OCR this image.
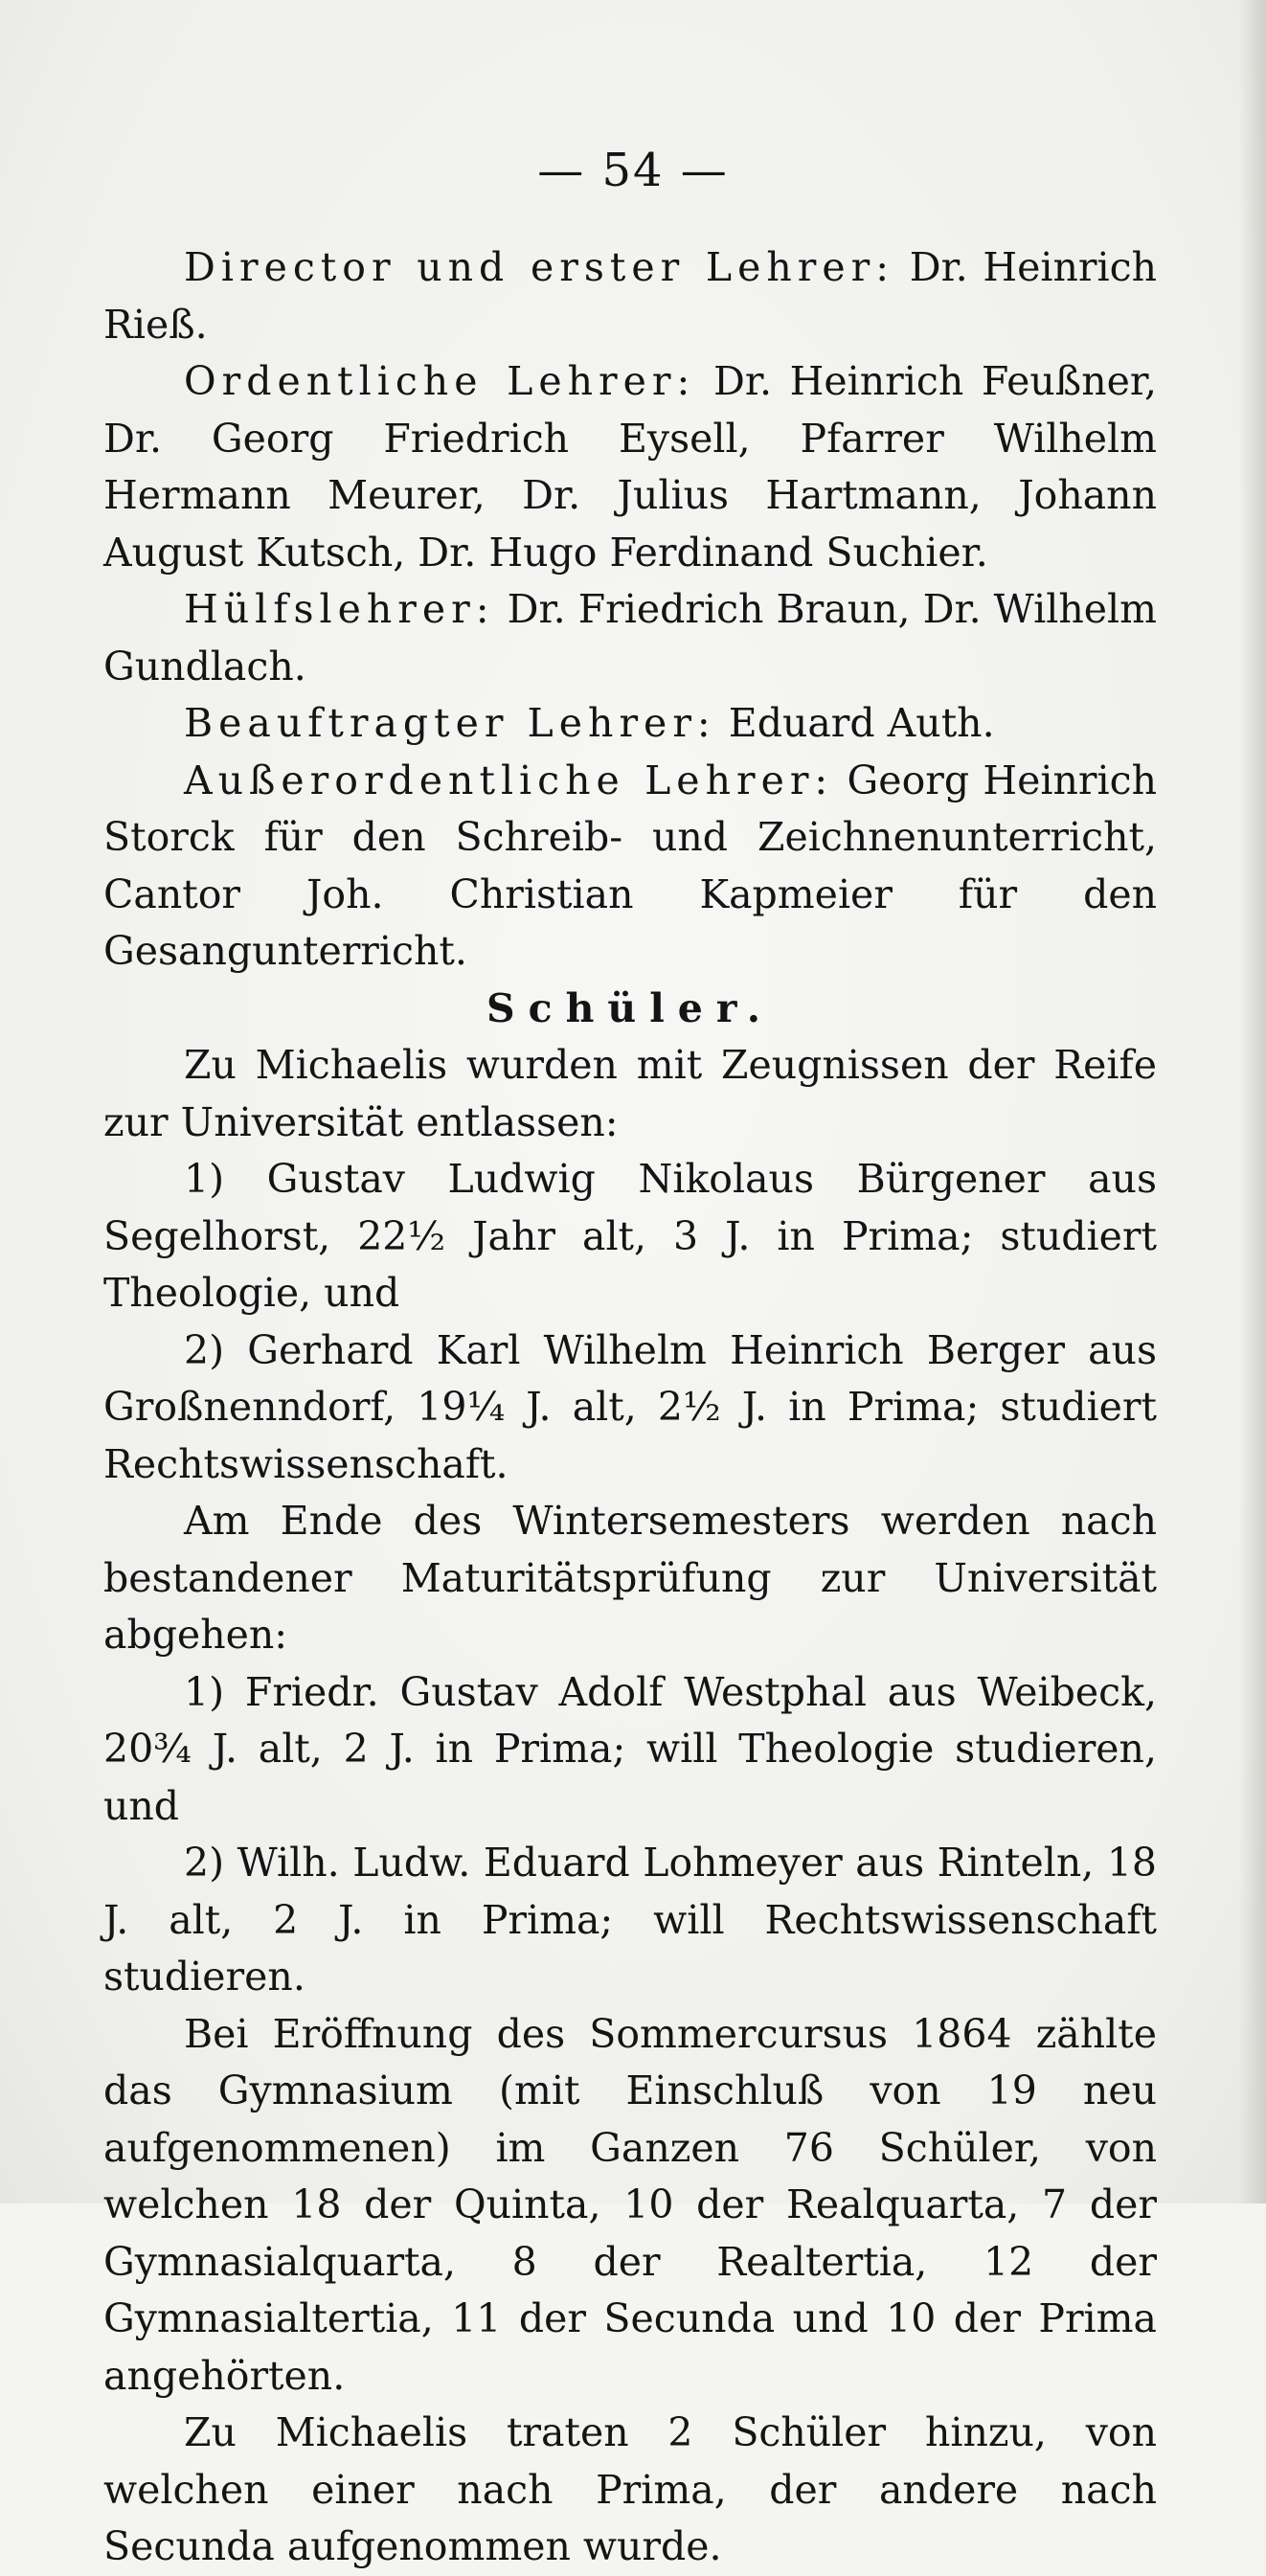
— 54 —

Director und erster Lehrer: Dr. Heinrich Rieß.

Ordentliche Lehrer: Dr. Heinrich Feußner, Dr. Georg Friedrich Eysell, Pfarrer Wilhelm Hermann Meurer, Dr. Julius Hartmann, Johann August Kutsch, Dr. Hugo Ferdinand Suchier.

Hülfslehrer: Dr. Friedrich Braun, Dr. Wilhelm Gundlach.

Beauftragter Lehrer: Eduard Auth.

Außerordentliche Lehrer: Georg Heinrich Storck für den Schreib- und Zeichnenunterricht, Cantor Joh. Christian Kapmeier für den Gesangunterricht.

Schüler.

Zu Michaelis wurden mit Zeugnissen der Reife zur Universität entlassen:

1) Gustav Ludwig Nikolaus Bürgener aus Segelhorst, 22½ Jahr alt, 3 J. in Prima; studiert Theologie, und

2) Gerhard Karl Wilhelm Heinrich Berger aus Großnenndorf, 19¼ J. alt, 2½ J. in Prima; studiert Rechtswissenschaft.

Am Ende des Wintersemesters werden nach bestandener Maturitätsprüfung zur Universität abgehen:

1) Friedr. Gustav Adolf Westphal aus Weibeck, 20¾ J. alt, 2 J. in Prima; will Theologie studieren, und

2) Wilh. Ludw. Eduard Lohmeyer aus Rinteln, 18 J. alt, 2 J. in Prima; will Rechtswissenschaft studieren.

Bei Eröffnung des Sommercursus 1864 zählte das Gymnasium (mit Einschluß von 19 neu aufgenommenen) im Ganzen 76 Schüler, von welchen 18 der Quinta, 10 der Realquarta, 7 der Gymnasialquarta, 8 der Realtertia, 12 der Gymnasialtertia, 11 der Secunda und 10 der Prima angehörten.

Zu Michaelis traten 2 Schüler hinzu, von welchen einer nach Prima, der andere nach Secunda aufgenommen wurde.
